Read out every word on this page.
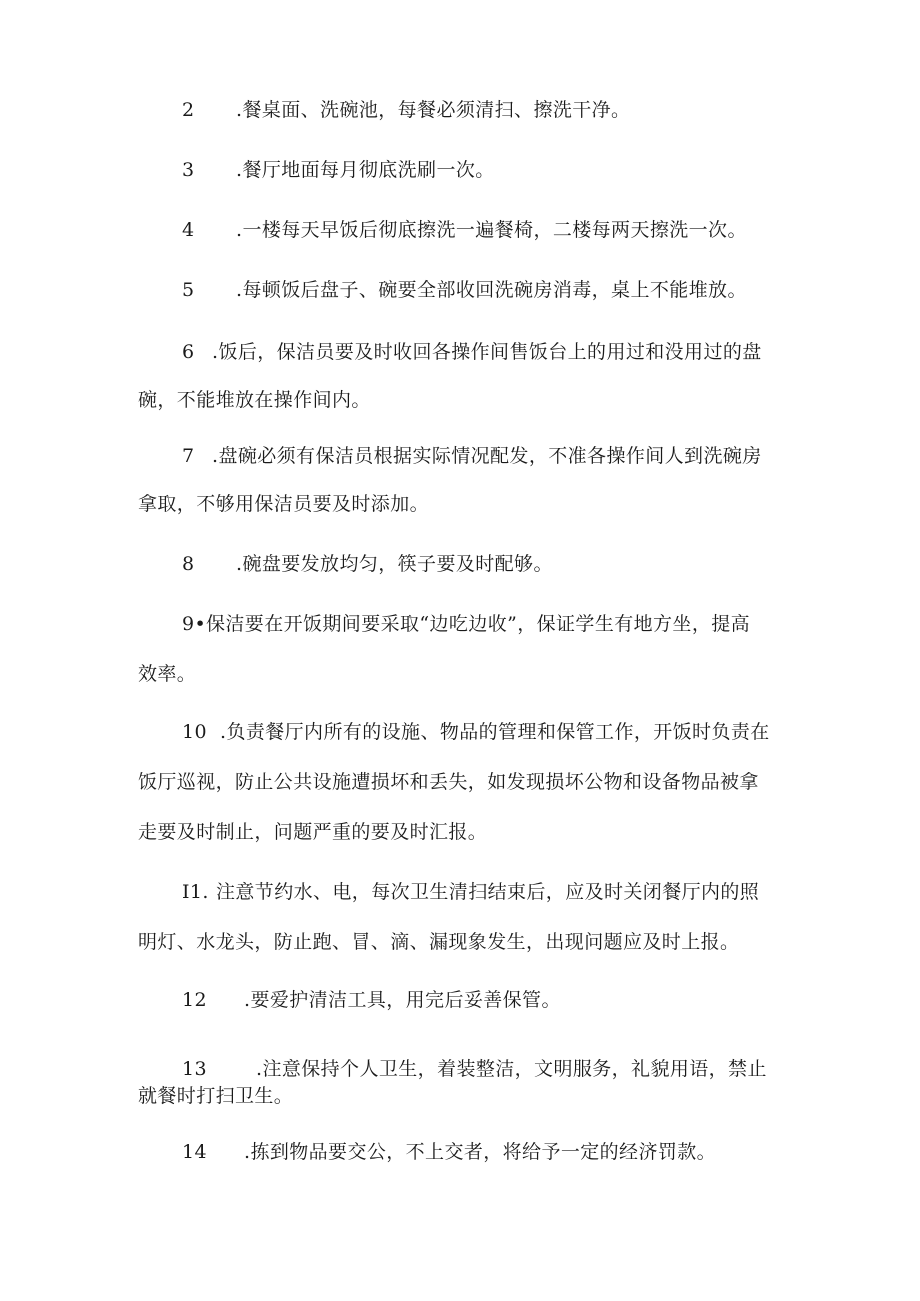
2 .餐桌面、洗碗池，每餐必须清扫、擦洗干净。
3 .餐厅地面每月彻底洗刷一次。
4 .一楼每天早饭后彻底擦洗一遍餐椅，二楼每两天擦洗一次。
5 .每顿饭后盘子、碗要全部收回洗碗房消毒，桌上不能堆放。
6 .饭后，保洁员要及时收回各操作间售饭台上的用过和没用过的盘
碗，不能堆放在操作间内。
7 .盘碗必须有保洁员根据实际情况配发，不准各操作间人到洗碗房
拿取，不够用保洁员要及时添加。
8 .碗盘要发放均匀，筷子要及时配够。
9•保洁要在开饭期间要采取“边吃边收”，保证学生有地方坐，提高
效率。
10 .负责餐厅内所有的设施、物品的管理和保管工作，开饭时负责在
饭厅巡视，防止公共设施遭损坏和丢失，如发现损坏公物和设备物品被拿
走要及时制止，问题严重的要及时汇报。
I1. 注意节约水、电，每次卫生清扫结束后，应及时关闭餐厅内的照
明灯、水龙头，防止跑、冒、滴、漏现象发生，出现问题应及时上报。
12 .要爱护清洁工具，用完后妥善保管。
13	.注意保持个人卫生，着装整洁，文明服务，礼貌用语，禁止
就餐时打扫卫生。
14 .拣到物品要交公，不上交者，将给予一定的经济罚款。
